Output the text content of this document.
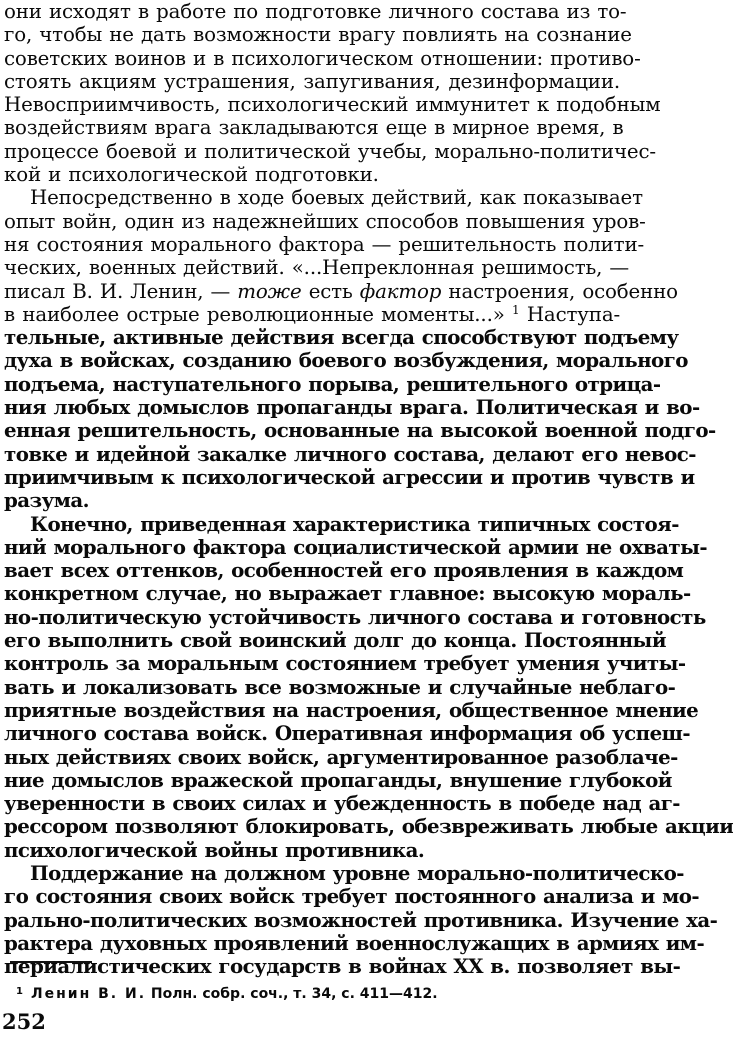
они исходят в работе по подготовке личного состава из то-
го, чтобы не дать возможности врагу повлиять на сознание
советских воинов и в психологическом отношении: противо-
стоять акциям устрашения, запугивания, дезинформации.
Невосприимчивость, психологический иммунитет к подобным
воздействиям врага закладываются еще в мирное время, в
процессе боевой и политической учебы, морально-политичес-
кой и психологической подготовки.
Непосредственно в ходе боевых действий, как показывает
опыт войн, один из надежнейших способов повышения уров-
ня состояния морального фактора — решительность полити-
ческих, военных действий. «...Непреклонная решимость, —
писал В. И. Ленин, — тоже есть фактор настроения, особенно
в наиболее острые революционные моменты...» $^1$ Наступа-
тельные, активные действия всегда способствуют подъему
духа в войсках, созданию боевого возбуждения, морального
подъема, наступательного порыва, решительного отрица-
ния любых домыслов пропаганды врага. Политическая и во-
енная решительность, основанные на высокой военной подго-
товке и идейной закалке личного состава, делают его невос-
приимчивым к психологической агрессии и против чувств и
разума.
Конечно, приведенная характеристика типичных состоя-
ний морального фактора социалистической армии не охваты-
вает всех оттенков, особенностей его проявления в каждом
конкретном случае, но выражает главное: высокую мораль-
но-политическую устойчивость личного состава и готовность
его выполнить свой воинский долг до конца. Постоянный
контроль за моральным состоянием требует умения учиты-
вать и локализовать все возможные и случайные неблаго-
приятные воздействия на настроения, общественное мнение
личного состава войск. Оперативная информация об успеш-
ных действиях своих войск, аргументированное разоблаче-
ние домыслов вражеской пропаганды, внушение глубокой
уверенности в своих силах и убежденность в победе над аг-
рессором позволяют блокировать, обезвреживать любые акции
психологической войны противника.
Поддержание на должном уровне морально-политическо-
го состояния своих войск требует постоянного анализа и мо-
рально-политических возможностей противника. Изучение ха-
рактера духовных проявлений военнослужащих в армиях им-
периалистических государств в войнах XX в. позволяет вы-
$^1$ Ленин В. И. Полн. собр. соч., т. 34, с. 411—412.
252
